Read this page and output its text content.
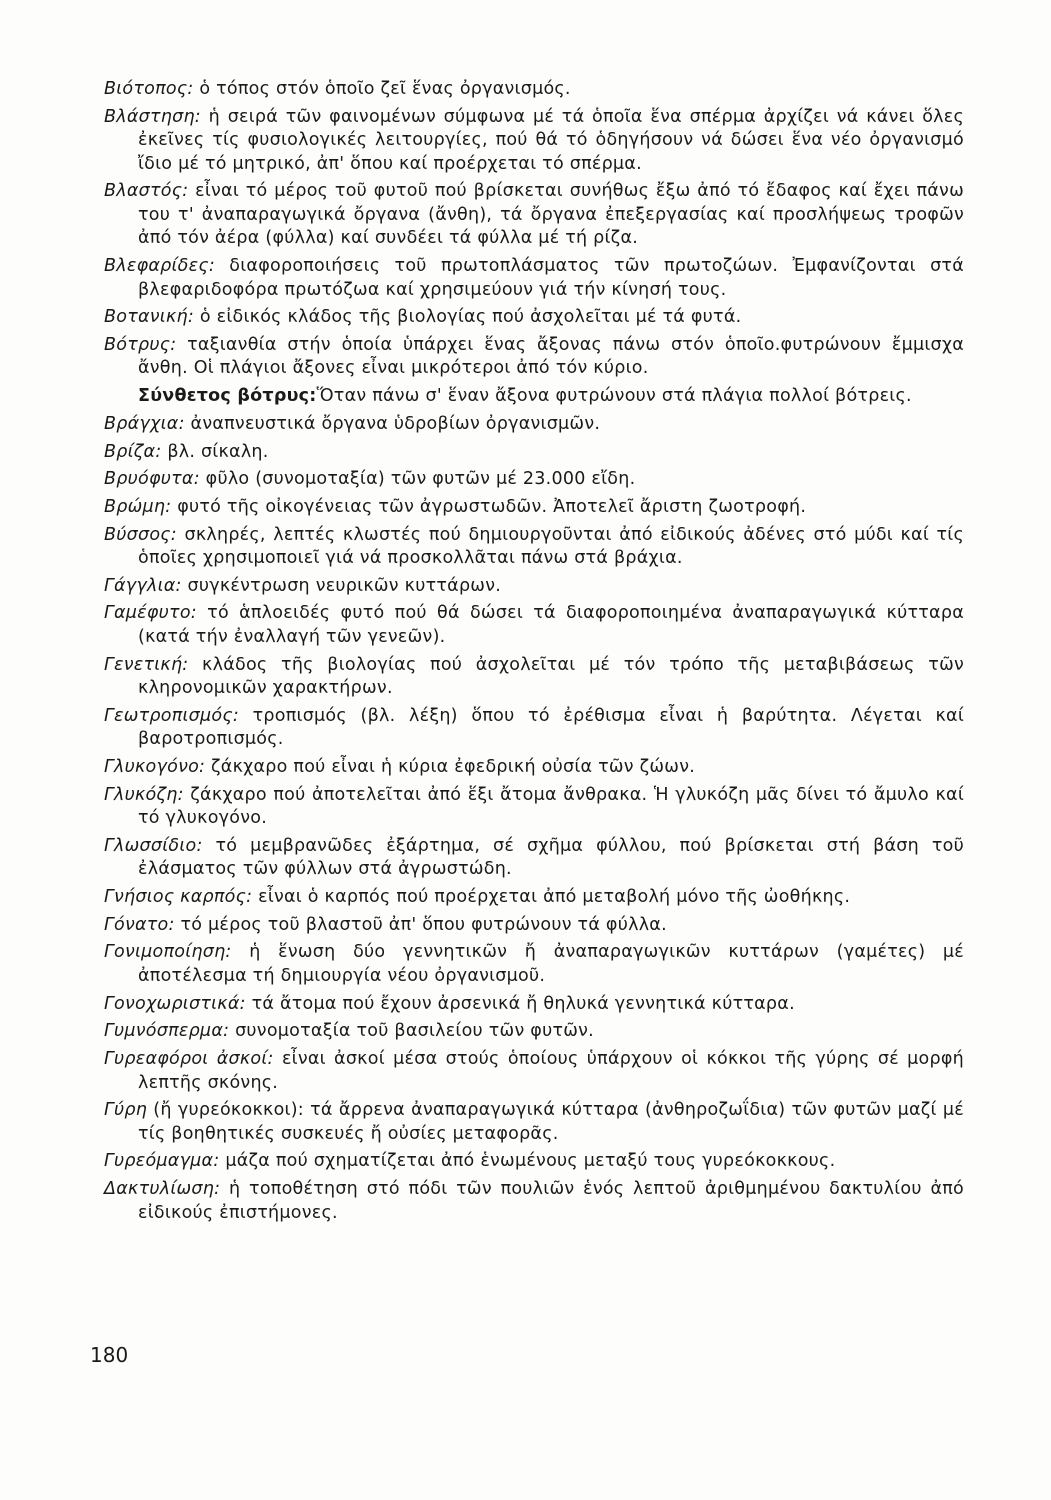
Βιότοπος: ὁ τόπος στόν ὁποῖο ζεῖ ἕνας ὀργανισμός.

Βλάστηση: ἡ σειρά τῶν φαινομένων σύμφωνα μέ τά ὁποῖα ἕνα σπέρμα ἀρχίζει νά κάνει ὅλες ἐκεῖνες τίς φυσιολογικές λειτουργίες, πού θά τό ὁδηγήσουν νά δώσει ἕνα νέο ὀργανισμό ἴδιο μέ τό μητρικό, ἀπ' ὅπου καί προέρχεται τό σπέρμα.

Βλαστός: εἶναι τό μέρος τοῦ φυτοῦ πού βρίσκεται συνήθως ἔξω ἀπό τό ἔδαφος καί ἔχει πάνω του τ' ἀναπαραγωγικά ὄργανα (ἄνθη), τά ὄργανα ἐπεξεργασίας καί προσλήψεως τροφῶν ἀπό τόν ἀέρα (φύλλα) καί συνδέει τά φύλλα μέ τή ρίζα.

Βλεφαρίδες: διαφοροποιήσεις τοῦ πρωτοπλάσματος τῶν πρωτοζώων. Ἐμφανίζονται στά βλεφαριδοφόρα πρωτόζωα καί χρησιμεύουν γιά τήν κίνησή τους.

Βοτανική: ὁ εἰδικός κλάδος τῆς βιολογίας πού ἀσχολεῖται μέ τά φυτά.

Βότρυς: ταξιανθία στήν ὁποία ὑπάρχει ἕνας ἄξονας πάνω στόν ὁποῖο.φυτρώνουν ἔμμισχα ἄνθη. Οἱ πλάγιοι ἄξονες εἶναι μικρότεροι ἀπό τόν κύριο.

Σύνθετος βότρυς:Ὅταν πάνω σ' ἕναν ἄξονα φυτρώνουν στά πλάγια πολλοί βότρεις.

Βράγχια: ἀναπνευστικά ὄργανα ὑδροβίων ὀργανισμῶν.

Βρίζα: βλ. σίκαλη.

Βρυόφυτα: φῦλο (συνομοταξία) τῶν φυτῶν μέ 23.000 εἴδη.

Βρώμη: φυτό τῆς οἰκογένειας τῶν ἀγρωστωδῶν. Ἀποτελεῖ ἄριστη ζωοτροφή.

Βύσσος: σκληρές, λεπτές κλωστές πού δημιουργοῦνται ἀπό εἰδικούς ἀδένες στό μύδι καί τίς ὁποῖες χρησιμοποιεῖ γιά νά προσκολλᾶται πάνω στά βράχια.

Γάγγλια: συγκέντρωση νευρικῶν κυττάρων.

Γαμέφυτο: τό ἁπλοειδές φυτό πού θά δώσει τά διαφοροποιημένα ἀναπαραγωγικά κύτταρα (κατά τήν ἐναλλαγή τῶν γενεῶν).

Γενετική: κλάδος τῆς βιολογίας πού ἀσχολεῖται μέ τόν τρόπο τῆς μεταβιβάσεως τῶν κληρονομικῶν χαρακτήρων.

Γεωτροπισμός: τροπισμός (βλ. λέξη) ὅπου τό ἐρέθισμα εἶναι ἡ βαρύτητα. Λέγεται καί βαροτροπισμός.

Γλυκογόνο: ζάκχαρο πού εἶναι ἡ κύρια ἐφεδρική οὐσία τῶν ζώων.

Γλυκόζη: ζάκχαρο πού ἀποτελεῖται ἀπό ἕξι ἄτομα ἄνθρακα. Ἡ γλυκόζη μᾶς δίνει τό ἄμυλο καί τό γλυκογόνο.

Γλωσσίδιο: τό μεμβρανῶδες ἐξάρτημα, σέ σχῆμα φύλλου, πού βρίσκεται στή βάση τοῦ ἐλάσματος τῶν φύλλων στά ἀγρωστώδη.

Γνήσιος καρπός: εἶναι ὁ καρπός πού προέρχεται ἀπό μεταβολή μόνο τῆς ὠοθήκης.

Γόνατο: τό μέρος τοῦ βλαστοῦ ἀπ' ὅπου φυτρώνουν τά φύλλα.

Γονιμοποίηση: ἡ ἕνωση δύο γεννητικῶν ἤ ἀναπαραγωγικῶν κυττάρων (γαμέτες) μέ ἀποτέλεσμα τή δημιουργία νέου ὀργανισμοῦ.

Γονοχωριστικά: τά ἄτομα πού ἔχουν ἀρσενικά ἤ θηλυκά γεννητικά κύτταρα.

Γυμνόσπερμα: συνομοταξία τοῦ βασιλείου τῶν φυτῶν.

Γυρεαφόροι ἀσκοί: εἶναι ἀσκοί μέσα στούς ὁποίους ὑπάρχουν οἱ κόκκοι τῆς γύρης σέ μορφή λεπτῆς σκόνης.

Γύρη (ἤ γυρεόκοκκοι): τά ἄρρενα ἀναπαραγωγικά κύτταρα (ἀνθηροζωΐδια) τῶν φυτῶν μαζί μέ τίς βοηθητικές συσκευές ἤ οὐσίες μεταφορᾶς.

Γυρεόμαγμα: μάζα πού σχηματίζεται ἀπό ἑνωμένους μεταξύ τους γυρεόκοκκους.

Δακτυλίωση: ἡ τοποθέτηση στό πόδι τῶν πουλιῶν ἑνός λεπτοῦ ἀριθμημένου δακτυλίου ἀπό εἰδικούς ἐπιστήμονες.

180
